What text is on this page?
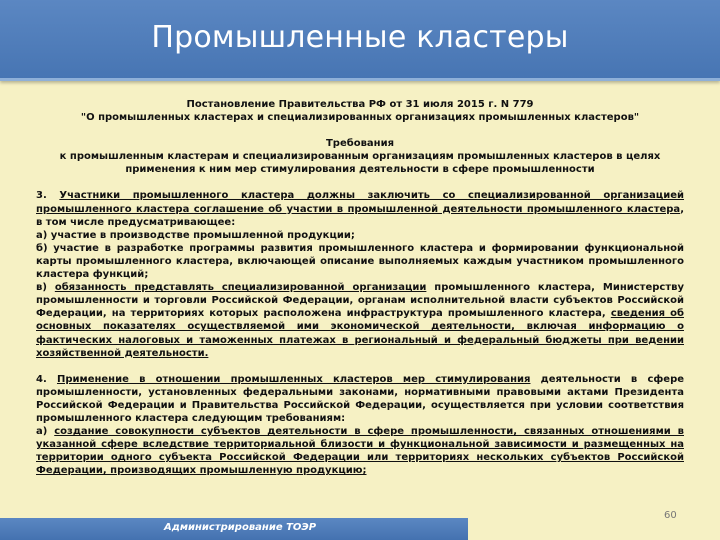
Промышленные кластеры

Постановление Правительства РФ от 31 июля 2015 г. N 779

"О промышленных кластерах и специализированных организациях промышленных кластеров"

Требования

к промышленным кластерам и специализированным организациям промышленных кластеров в целях

применения к ним мер стимулирования деятельности в сфере промышленности

3. Участники промышленного кластера должны заключить со специализированной организацией промышленного кластера соглашение об участии в промышленной деятельности промышленного кластера, в том числе предусматривающее:

а) участие в производстве промышленной продукции;

б) участие в разработке программы развития промышленного кластера и формировании функциональной карты промышленного кластера, включающей описание выполняемых каждым участником промышленного кластера функций;

в) обязанность представлять специализированной организации промышленного кластера, Министерству промышленности и торговли Российской Федерации, органам исполнительной власти субъектов Российской Федерации, на территориях которых расположена инфраструктура промышленного кластера, сведения об основных показателях осуществляемой ими экономической деятельности, включая информацию о фактических налоговых и таможенных платежах в региональный и федеральный бюджеты при ведении хозяйственной деятельности.

4. Применение в отношении промышленных кластеров мер стимулирования деятельности в сфере промышленности, установленных федеральными законами, нормативными правовыми актами Президента Российской Федерации и Правительства Российской Федерации, осуществляется при условии соответствия промышленного кластера следующим требованиям:

а) создание совокупности субъектов деятельности в сфере промышленности, связанных отношениями в указанной сфере вследствие территориальной близости и функциональной зависимости и размещенных на территории одного субъекта Российской Федерации или территориях нескольких субъектов Российской Федерации, производящих промышленную продукцию;

Администрирование ТОЭР
60
